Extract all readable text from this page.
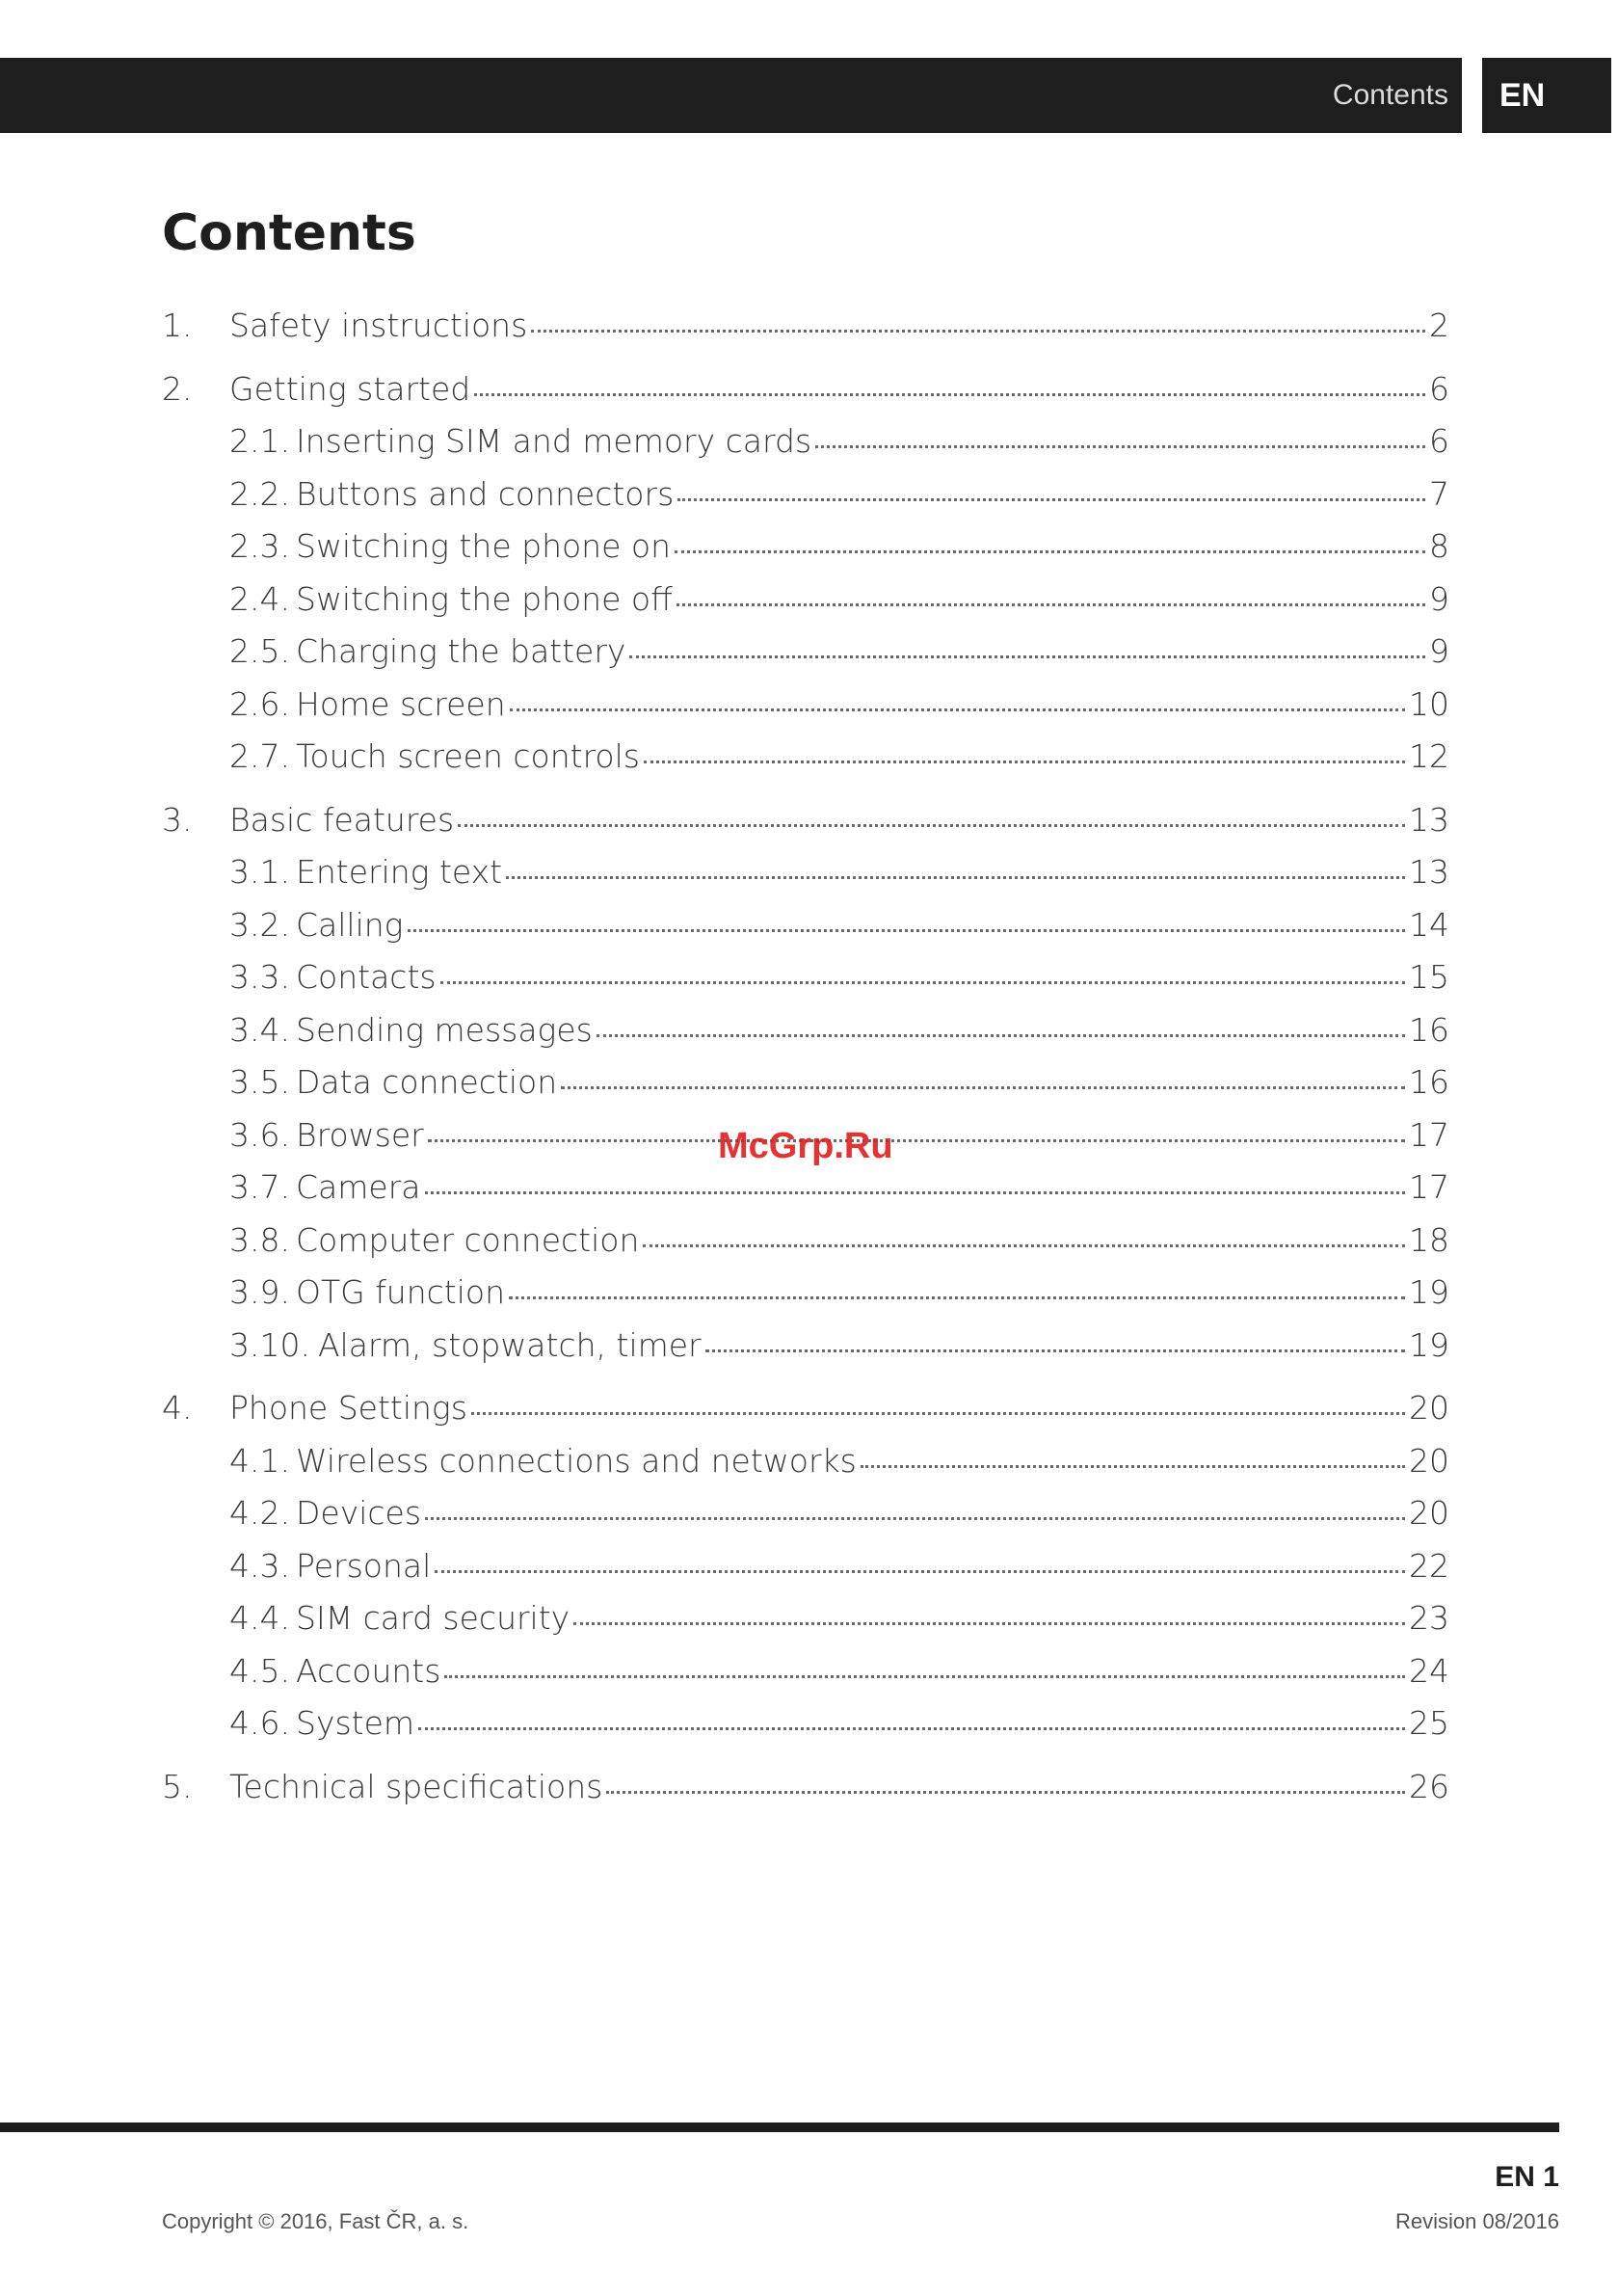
Contents	EN
Contents
1.	Safety instructions	2
2.	Getting started	6
2.1. Inserting SIM and memory cards	6
2.2. Buttons and connectors	7
2.3. Switching the phone on	8
2.4. Switching the phone off	9
2.5. Charging the battery	9
2.6. Home screen	10
2.7. Touch screen controls	12
3.	Basic features	13
3.1. Entering text	13
3.2. Calling	14
3.3. Contacts	15
3.4. Sending messages	16
3.5. Data connection	16
3.6. Browser	17
3.7. Camera	17
3.8. Computer connection	18
3.9. OTG function	19
3.10. Alarm, stopwatch, timer	19
4.	Phone Settings	20
4.1. Wireless connections and networks	20
4.2. Devices	20
4.3. Personal	22
4.4. SIM card security	23
4.5. Accounts	24
4.6. System	25
5.	Technical specifications	26
McGrp.Ru
EN 1
Copyright © 2016, Fast ČR, a. s.	Revision 08/2016
